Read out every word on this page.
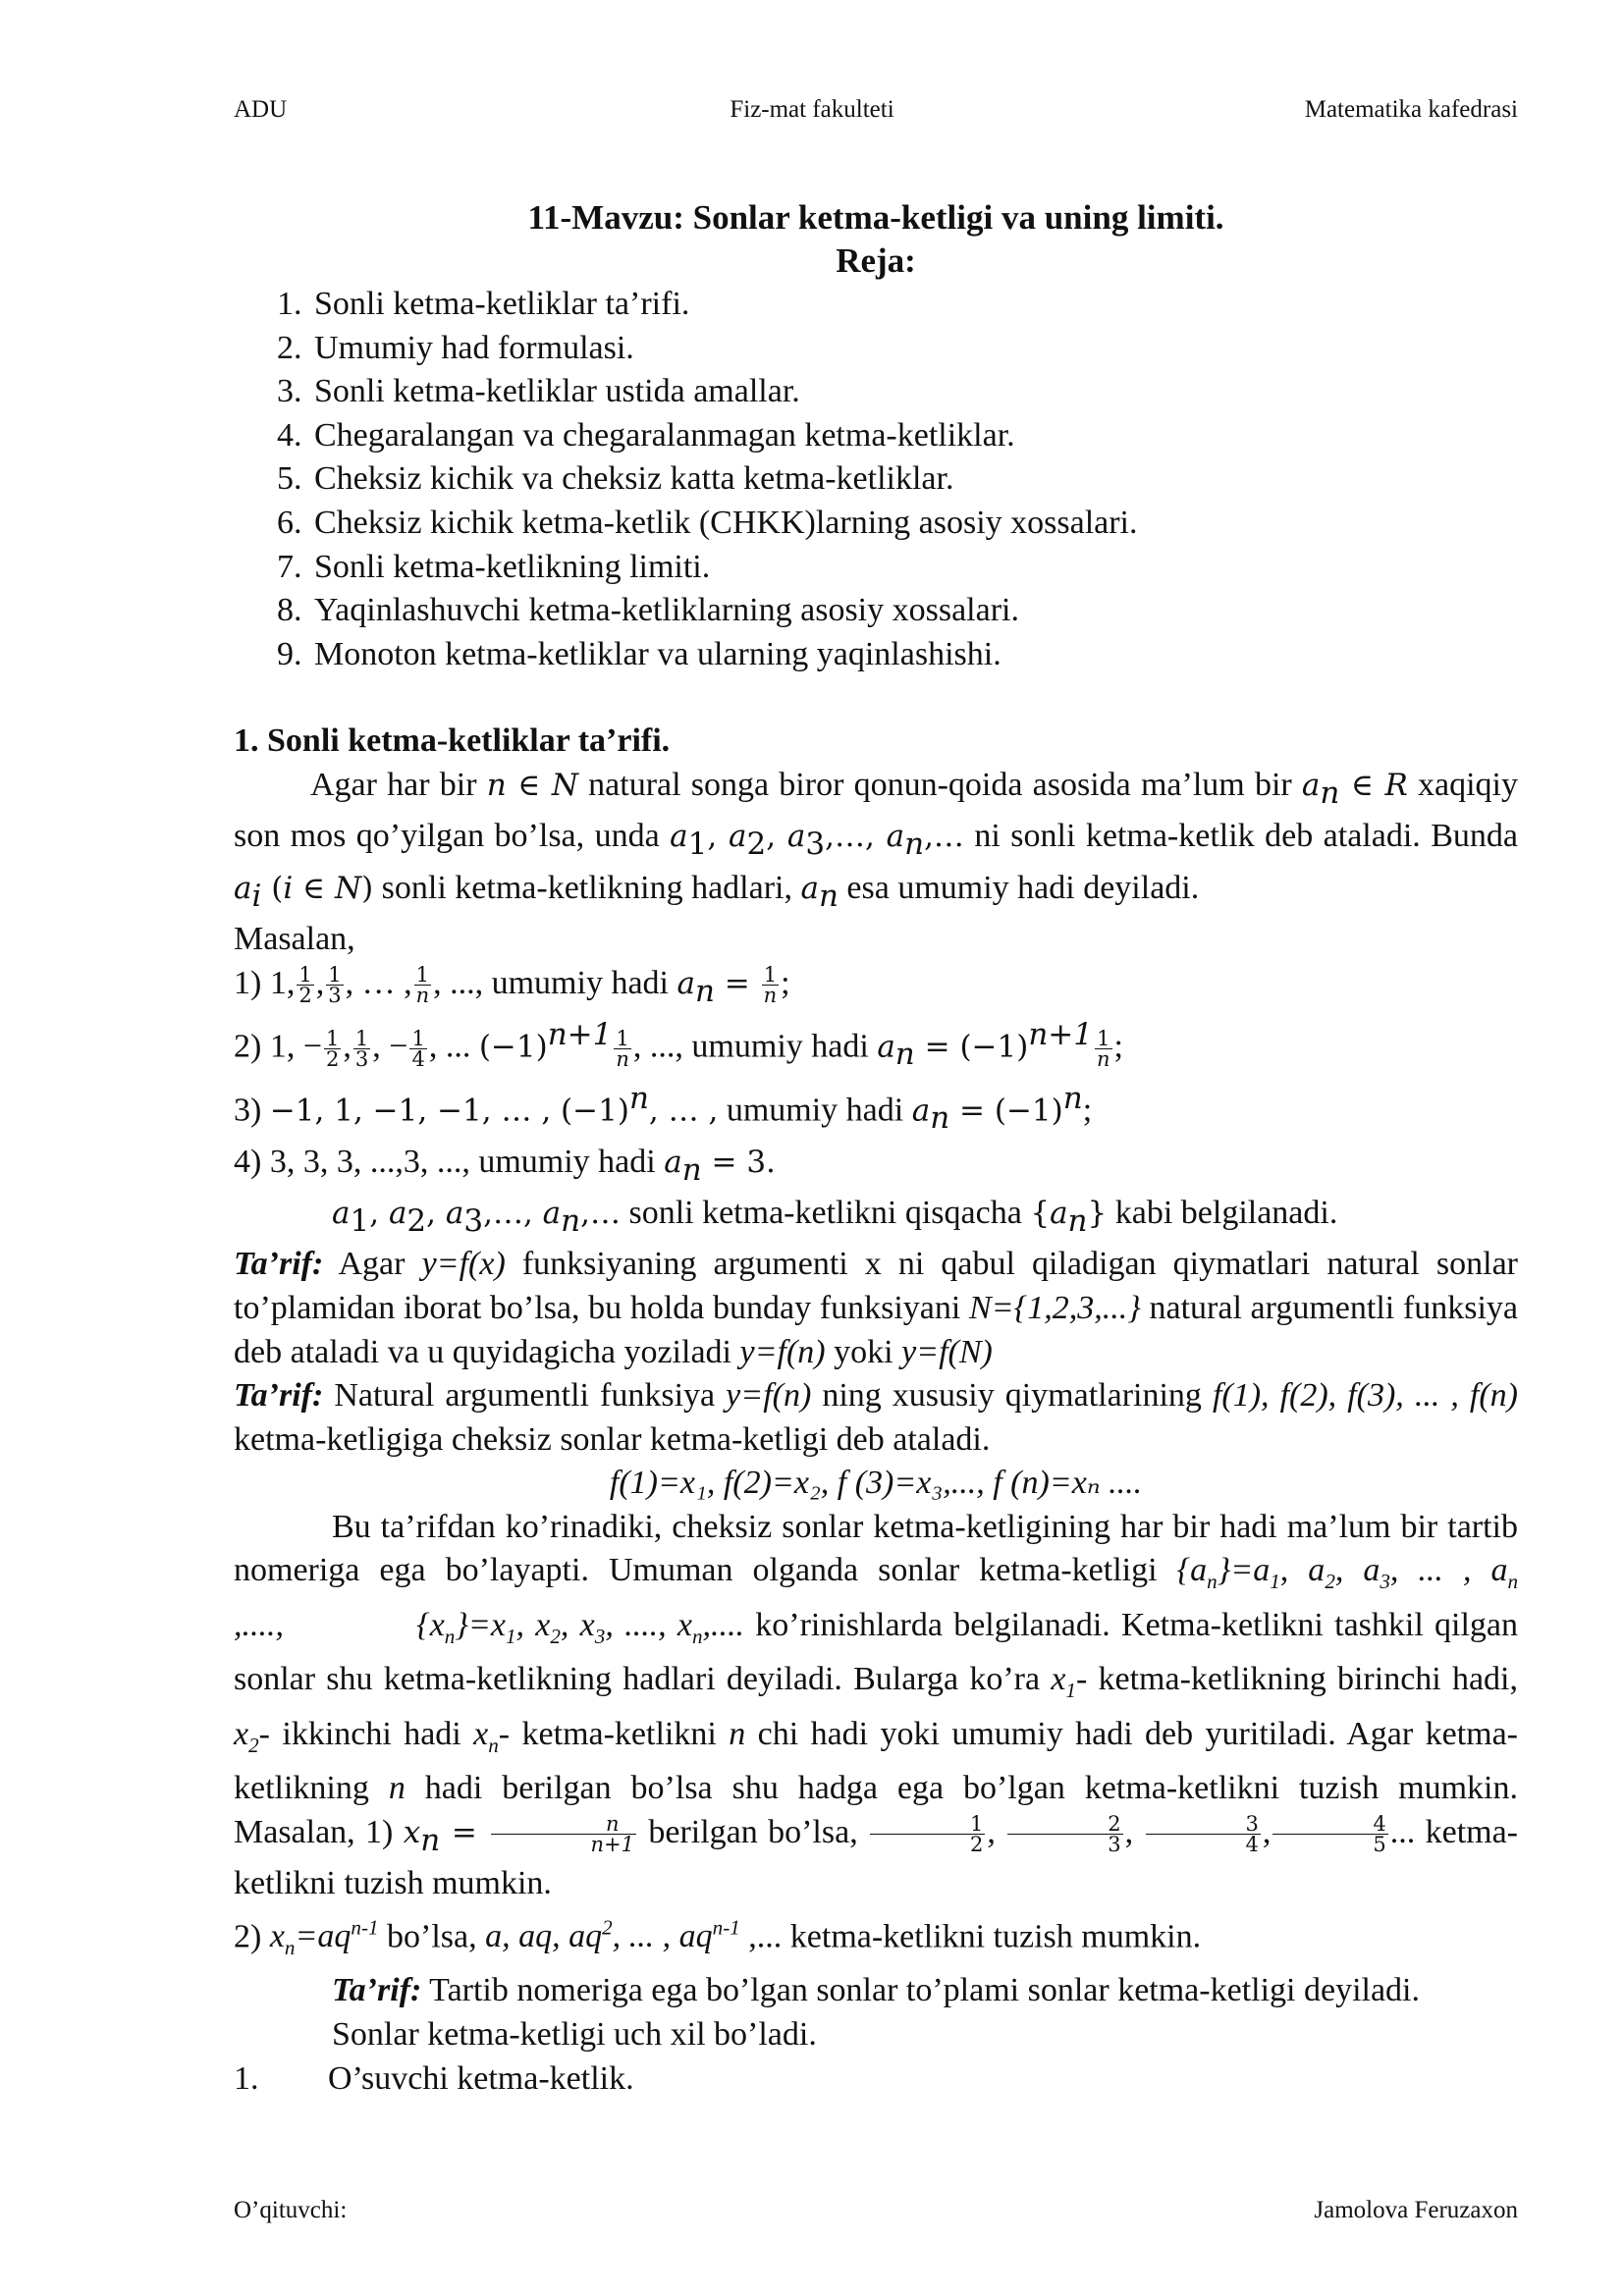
ADU	Fiz-mat fakulteti	Matematika kafedrasi
11-Mavzu: Sonlar ketma-ketligi va uning limiti.
Reja:
1. Sonli ketma-ketliklar ta’rifi.
2. Umumiy had formulasi.
3. Sonli ketma-ketliklar ustida amallar.
4. Chegaralangan va chegaralanmagan ketma-ketliklar.
5. Cheksiz kichik va cheksiz katta ketma-ketliklar.
6. Cheksiz kichik ketma-ketlik (CHKK)larning asosiy xossalari.
7. Sonli ketma-ketlikning limiti.
8. Yaqinlashuvchi ketma-ketliklarning asosiy xossalari.
9. Monoton ketma-ketliklar va ularning yaqinlashishi.

1. Sonli ketma-ketliklar ta’rifi.

Agar har bir n ∈ N natural songa biror qonun-qoida asosida ma’lum bir $a_n$ ∈ R xaqiqiy son mos qo’yilgan bo’lsa, unda $a_1$, $a_2$, $a_3,\dots$, $a_n,\dots$ ni sonli ketma-ketlik deb ataladi. Bunda $a_i$ (i ∈ N) sonli ketma-ketlikning hadlari, $a_n$ esa umumiy hadi deyiladi.

Masalan,

1) 1, $\frac{1}{2}$ , $\frac{1}{3}$ , … , $\frac{1}{n}$ , ..., umumiy hadi $a_n = \frac{1}{n}$ ;

2) 1, − $\frac{1}{2}$ , $\frac{1}{3}$ , − $\frac{1}{4}$ , ... $(-1)^{n+1} \frac{1}{n}$ , ..., umumiy hadi $a_n = (-1)^{n+1} \frac{1}{n}$ ;

3) −1, 1, −1, −1, … , $(-1)^n$, … , umumiy hadi $a_n = (-1)^n$;

4) 3, 3, 3, ...,3, ..., umumiy hadi $a_n = 3$.

$a_1$, $a_2$, $a_3,\dots$, $a_n,\dots$ sonli ketma-ketlikni qisqacha $\{a_n\}$ kabi belgilanadi.

Ta’rif: Agar y=f(x) funksiyaning argumenti x ni qabul qiladigan qiymatlari natural sonlar to’plamidan iborat bo’lsa, bu holda bunday funksiyani N={1,2,3,...} natural argumentli funksiya deb ataladi va u quyidagicha yoziladi y=f(n) yoki y=f(N)

Ta’rif: Natural argumentli funksiya y=f(n) ning xususiy qiymatlarining f(1), f(2), f(3), ... , f(n) ketma-ketligiga cheksiz sonlar ketma-ketligi deb ataladi.

f(1)=x₁, f(2)=x₂, f (3)=x₃,..., f (n)=xₙ ....

Bu ta’rifdan ko’rinadiki, cheksiz sonlar ketma-ketligining har bir hadi ma’lum bir tartib nomeriga ega bo’layapti. Umuman olganda sonlar ketma-ketligi $\{a_n\}=a_1$, $a_2$, $a_3$, ... , $a_n$ ,....,	$\{x_n\}=x_1$, $x_2$, $x_3$, ...., $x_n$,.... ko’rinishlarda belgilanadi. Ketma-ketlikni tashkil qilgan sonlar shu ketma-ketlikning hadlari deyiladi. Bularga ko’ra $x_1-$ ketma-ketlikning birinchi hadi, $x_2-$ ikkinchi hadi $x_n-$ ketma-ketlikni n chi hadi yoki umumiy hadi deb yuritiladi. Agar ketma-ketlikning n hadi berilgan bo’lsa shu hadga ega bo’lgan ketma-ketlikni tuzish mumkin. Masalan, 1) $x_n = \frac{n}{n+1}$ berilgan bo’lsa, $\frac{1}{2}$ , $\frac{2}{3}$ , $\frac{3}{4}$ , $\frac{4}{5}$ ... ketma-ketlikni tuzish mumkin.

2) $x_n=aq^{n-1}$ bo’lsa, a, aq, $aq^2$, ... , $aq^{n-1}$ ,... ketma-ketlikni tuzish mumkin.

Ta’rif: Tartib nomeriga ega bo’lgan sonlar to’plami sonlar ketma-ketligi deyiladi.

Sonlar ketma-ketligi uch xil bo’ladi.

1.	O’suvchi ketma-ketlik.
O’qituvchi:	Jamolova Feruzaxon
